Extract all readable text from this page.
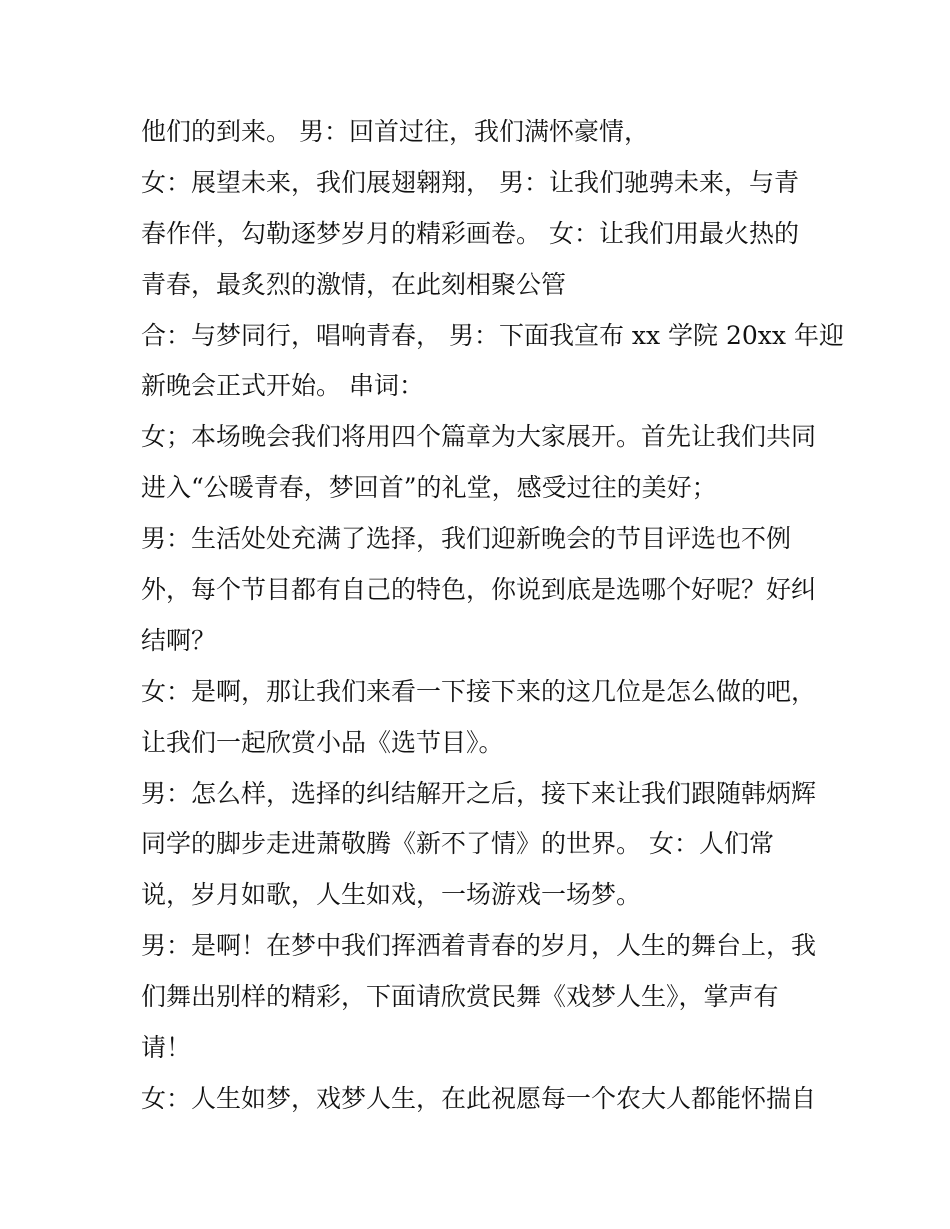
他们的到来。 男：回首过往，我们满怀豪情，
女：展望未来，我们展翅翱翔， 男：让我们驰骋未来，与青
春作伴，勾勒逐梦岁月的精彩画卷。 女：让我们用最火热的
青春，最炙烈的激情，在此刻相聚公管
合：与梦同行，唱响青春， 男：下面我宣布 xx 学院 20xx 年迎
新晚会正式开始。 串词：
女；本场晚会我们将用四个篇章为大家展开。首先让我们共同
进入“公暖青春，梦回首”的礼堂，感受过往的美好；
男：生活处处充满了选择，我们迎新晚会的节目评选也不例
外，每个节目都有自己的特色，你说到底是选哪个好呢？好纠
结啊？
女：是啊，那让我们来看一下接下来的这几位是怎么做的吧，
让我们一起欣赏小品《选节目》。
男：怎么样，选择的纠结解开之后，接下来让我们跟随韩炳辉
同学的脚步走进萧敬腾《新不了情》的世界。 女：人们常
说，岁月如歌，人生如戏，一场游戏一场梦。
男：是啊！在梦中我们挥洒着青春的岁月，人生的舞台上，我
们舞出别样的精彩，下面请欣赏民舞《戏梦人生》，掌声有
请！
女：人生如梦，戏梦人生，在此祝愿每一个农大人都能怀揣自
